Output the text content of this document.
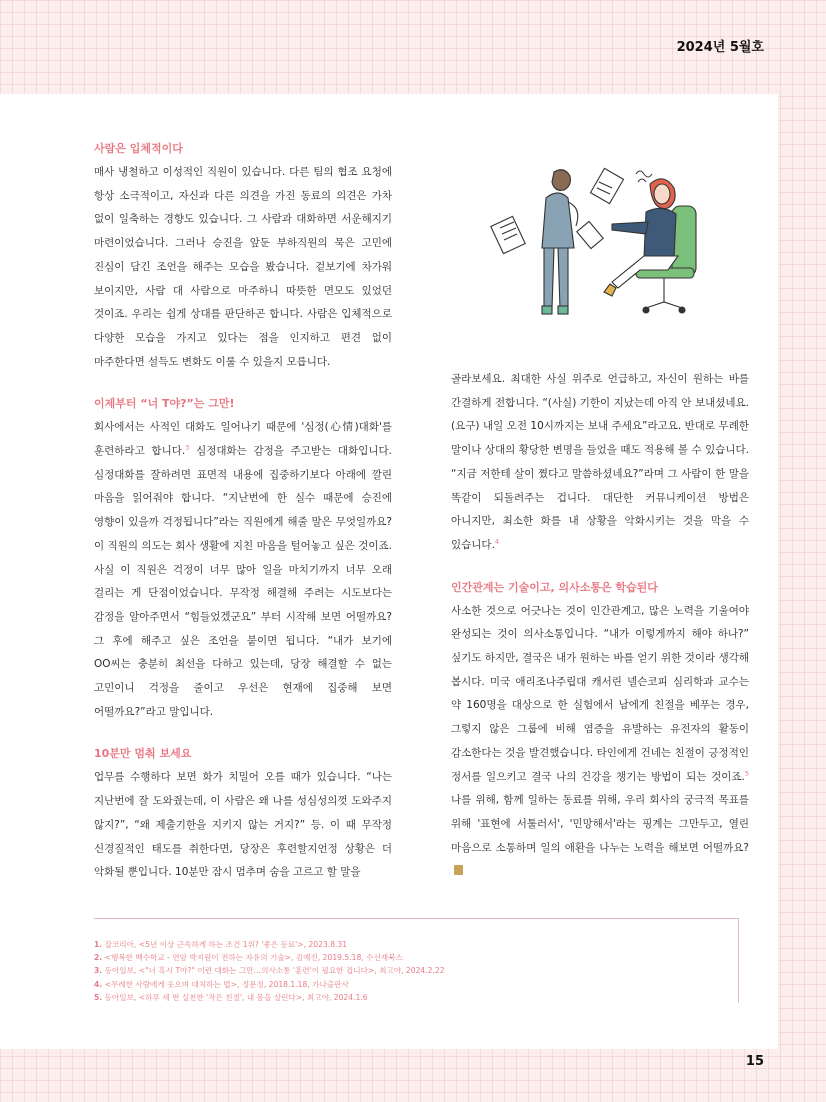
2024년 5월호

사람은 입체적이다

매사 냉철하고 이성적인 직원이 있습니다. 다른 팀의 협조 요청에 항상 소극적이고, 자신과 다른 의견을 가진 동료의 의견은 가차 없이 일축하는 경향도 있습니다. 그 사람과 대화하면 서운해지기 마련이었습니다. 그러나 승진을 앞둔 부하직원의 묵은 고민에 진심이 담긴 조언을 해주는 모습을 봤습니다. 겉보기에 차가워 보이지만, 사람 대 사람으로 마주하니 따뜻한 면모도 있었던 것이죠. 우리는 쉽게 상대를 판단하곤 합니다. 사람은 입체적으로 다양한 모습을 가지고 있다는 점을 인지하고 편견 없이 마주한다면 설득도 변화도 이룰 수 있을지 모릅니다.

이제부터 “너 T야?”는 그만!

회사에서는 사적인 대화도 일어나기 때문에 '심정(心情)대화'를 훈련하라고 합니다.$^3$ 심정대화는 감정을 주고받는 대화입니다. 심정대화를 잘하려면 표면적 내용에 집중하기보다 아래에 깔린 마음을 읽어줘야 합니다. “지난번에 한 실수 때문에 승진에 영향이 있을까 걱정됩니다”라는 직원에게 해줄 말은 무엇일까요? 이 직원의 의도는 회사 생활에 지친 마음을 털어놓고 싶은 것이죠. 사실 이 직원은 걱정이 너무 많아 일을 마치기까지 너무 오래 걸리는 게 단점이었습니다. 무작정 해결해 주려는 시도보다는 감정을 알아주면서 “힘들었겠군요” 부터 시작해 보면 어떨까요? 그 후에 해주고 싶은 조언을 붙이면 됩니다. “내가 보기에 OO씨는 충분히 최선을 다하고 있는데, 당장 해결할 수 없는 고민이니 걱정을 줄이고 우선은 현재에 집중해 보면 어떨까요?”라고 말입니다.

10분만 멈춰 보세요

업무를 수행하다 보면 화가 치밀어 오를 때가 있습니다. “나는 지난번에 잘 도와줬는데, 이 사람은 왜 나를 성심성의껏 도와주지 않지?”, “왜 제출기한을 지키지 않는 거지?” 등. 이 때 무작정 신경질적인 태도를 취한다면, 당장은 후련할지언정 상황은 더 악화될 뿐입니다. 10분만 잠시 멈추며 숨을 고르고 할 말을

골라보세요. 최대한 사실 위주로 언급하고, 자신이 원하는 바를 간결하게 전합니다. “(사실) 기한이 지났는데 아직 안 보내셨네요. (요구) 내일 오전 10시까지는 보내 주세요”라고요. 반대로 무례한 말이나 상대의 황당한 변명을 들었을 때도 적용해 볼 수 있습니다. “지금 저한테 살이 쪘다고 말씀하셨네요?”라며 그 사람이 한 말을 똑같이 되돌려주는 겁니다. 대단한 커뮤니케이션 방법은 아니지만, 최소한 화를 내 상황을 악화시키는 것을 막을 수 있습니다.$^4$

인간관계는 기술이고, 의사소통은 학습된다

사소한 것으로 어긋나는 것이 인간관계고, 많은 노력을 기울여야 완성되는 것이 의사소통입니다. “내가 이렇게까지 해야 하나?” 싶기도 하지만, 결국은 내가 원하는 바를 얻기 위한 것이라 생각해 봅시다. 미국 애리조나주립대 캐서린 넬슨코피 심리학과 교수는 약 160명을 대상으로 한 실험에서 남에게 친절을 베푸는 경우, 그렇지 않은 그룹에 비해 염증을 유발하는 유전자의 활동이 감소한다는 것을 발견했습니다. 타인에게 건네는 친절이 긍정적인 정서를 일으키고 결국 나의 건강을 챙기는 방법이 되는 것이죠.$^5$ 나를 위해, 함께 일하는 동료를 위해, 우리 회사의 궁극적 목표를 위해 '표현에 서툴러서', '민망해서'라는 핑계는 그만두고, 열린 마음으로 소통하며 일의 애환을 나누는 노력을 해보면 어떨까요?

1. 잡코리아, <5년 이상 근속하게 하는 조건 1위? '좋은 동료'>, 2023.8.31
2. <행복한 백수학교 - 연암 박지원이 전하는 자유의 기술>, 김예진, 2019.5.18, 수선재북스
3. 동아일보, <"너 혹시 T야?" 이런 대화는 그만…의사소통 '훈련'이 필요한 겁니다>, 최고야, 2024.2.22
4. <무례한 사람에게 웃으며 대처하는 법>, 정문정, 2018.1.18, 가나출판사
5. 동아일보, <하루 세 번 실천한 '작은 친절', 내 몸을 살린다>, 최고야, 2024.1.6
15
